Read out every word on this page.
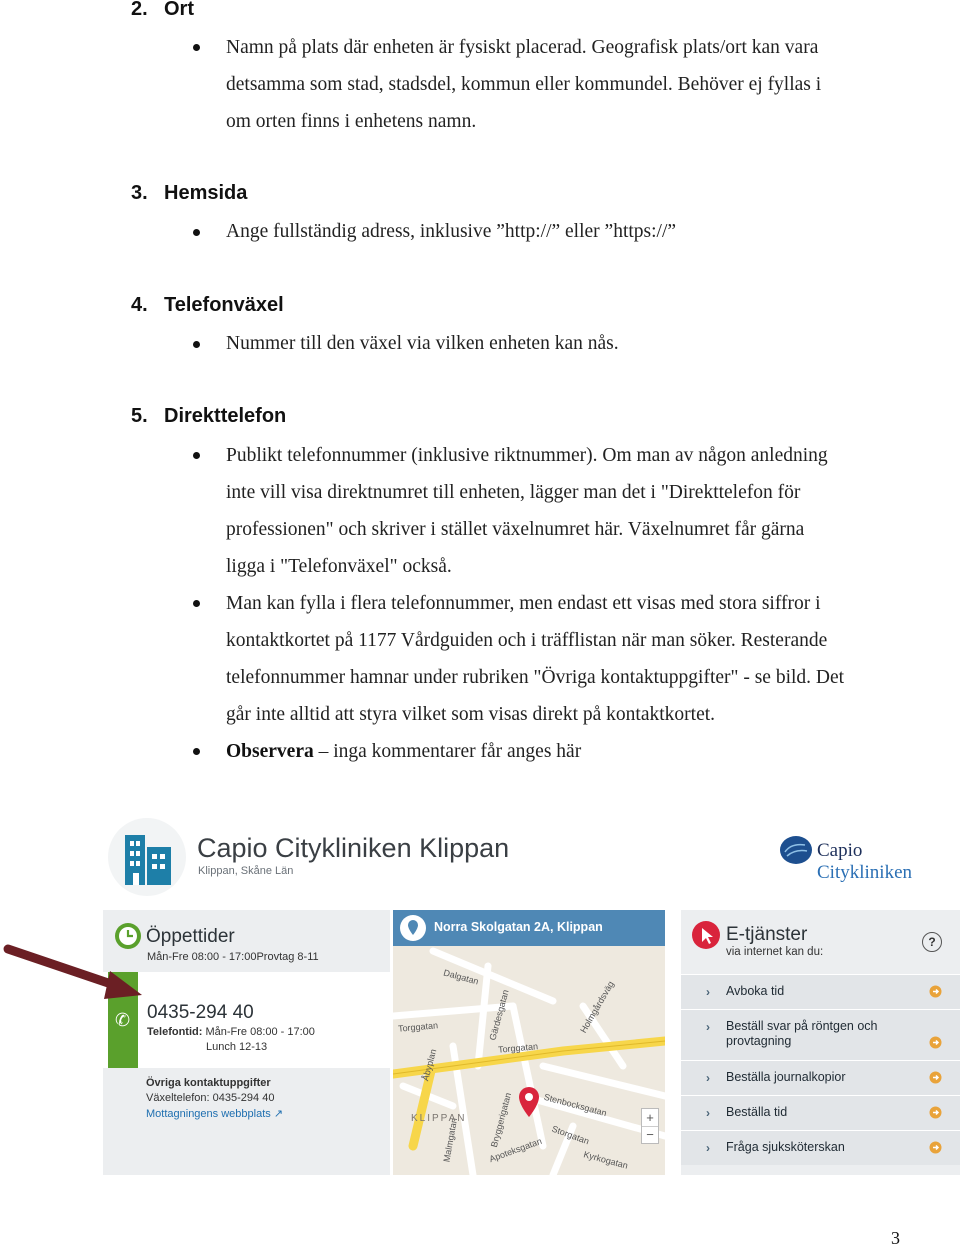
2. Ort
Namn på plats där enheten är fysiskt placerad. Geografisk plats/ort kan vara
detsamma som stad, stadsdel, kommun eller kommundel. Behöver ej fyllas i
om orten finns i enhetens namn.
3. Hemsida
Ange fullständig adress, inklusive ”http://” eller ”https://”
4. Telefonväxel
Nummer till den växel via vilken enheten kan nås.
5. Direkttelefon
Publikt telefonnummer (inklusive riktnummer). Om man av någon anledning
inte vill visa direktnumret till enheten, lägger man det i "Direkttelefon för
professionen" och skriver i stället växelnumret här. Växelnumret får gärna
ligga i "Telefonväxel" också.
Man kan fylla i flera telefonnummer, men endast ett visas med stora siffror i
kontaktkortet på 1177 Vårdguiden och i träfflistan när man söker. Resterande
telefonnummer hamnar under rubriken "Övriga kontaktuppgifter" - se bild. Det
går inte alltid att styra vilket som visas direkt på kontaktkortet.
Observera – inga kommentarer får anges här
Capio Citykliniken Klippan
Klippan, Skåne Län
Capio Citykliniken
Öppettider
Mån-Fre 08:00 - 17:00Provtag 8-11
✆ 0435-294 40
Telefontid: Mån-Fre 08:00 - 17:00
Lunch 12-13
Övriga kontaktuppgifter
Växeltelefon: 0435-294 40
Mottagningens webbplats ↗
Norra Skolgatan 2A, Klippan
Dalgatan
Gärdesgatan
Torggatan
Torggatan
Åbyplan
Holmgårdsväg
Bryggerigatan	Storgatan
Apoteksgatan
Malmgatan	Kyrkogatan
Stenbocksgatan
KLIPPAN	+
−
E-tjänster
via internet kan du:
?
› Avboka tid
› Beställ svar på röntgen och provtagning
› Beställa journalkopior
› Beställa tid
› Fråga sjuksköterskan
3
